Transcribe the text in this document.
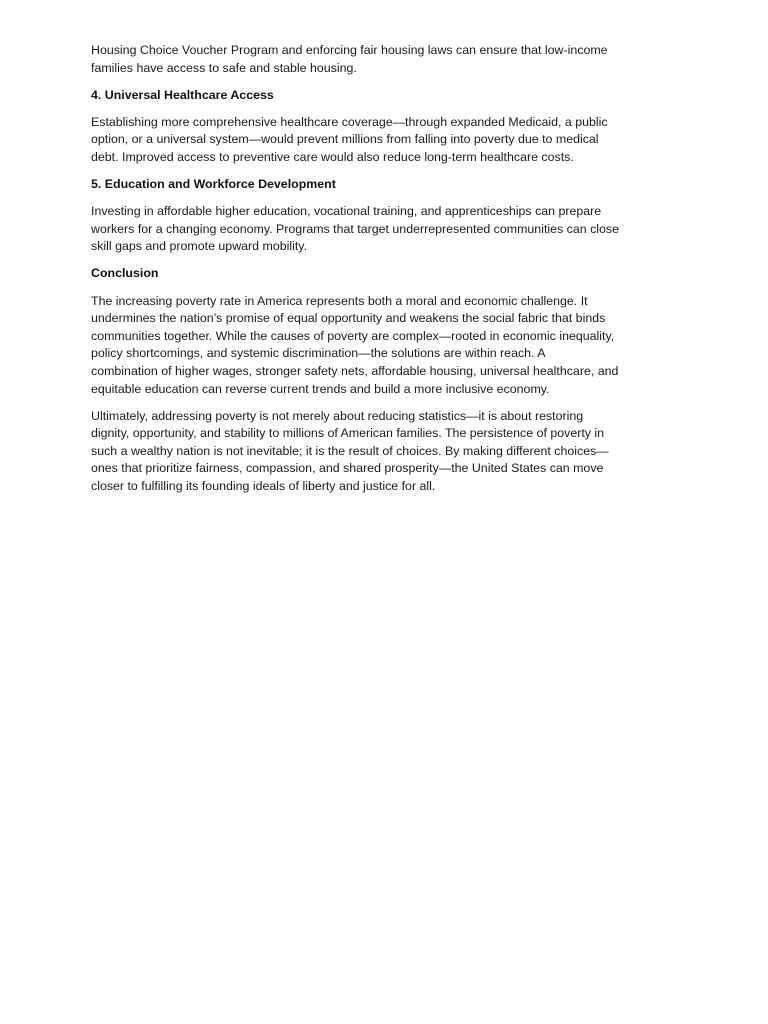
Housing Choice Voucher Program and enforcing fair housing laws can ensure that low-income
families have access to safe and stable housing.

4. Universal Healthcare Access

Establishing more comprehensive healthcare coverage—through expanded Medicaid, a public
option, or a universal system—would prevent millions from falling into poverty due to medical
debt. Improved access to preventive care would also reduce long-term healthcare costs.

5. Education and Workforce Development

Investing in affordable higher education, vocational training, and apprenticeships can prepare
workers for a changing economy. Programs that target underrepresented communities can close
skill gaps and promote upward mobility.

Conclusion

The increasing poverty rate in America represents both a moral and economic challenge. It
undermines the nation’s promise of equal opportunity and weakens the social fabric that binds
communities together. While the causes of poverty are complex—rooted in economic inequality,
policy shortcomings, and systemic discrimination—the solutions are within reach. A
combination of higher wages, stronger safety nets, affordable housing, universal healthcare, and
equitable education can reverse current trends and build a more inclusive economy.

Ultimately, addressing poverty is not merely about reducing statistics—it is about restoring
dignity, opportunity, and stability to millions of American families. The persistence of poverty in
such a wealthy nation is not inevitable; it is the result of choices. By making different choices—
ones that prioritize fairness, compassion, and shared prosperity—the United States can move
closer to fulfilling its founding ideals of liberty and justice for all.
